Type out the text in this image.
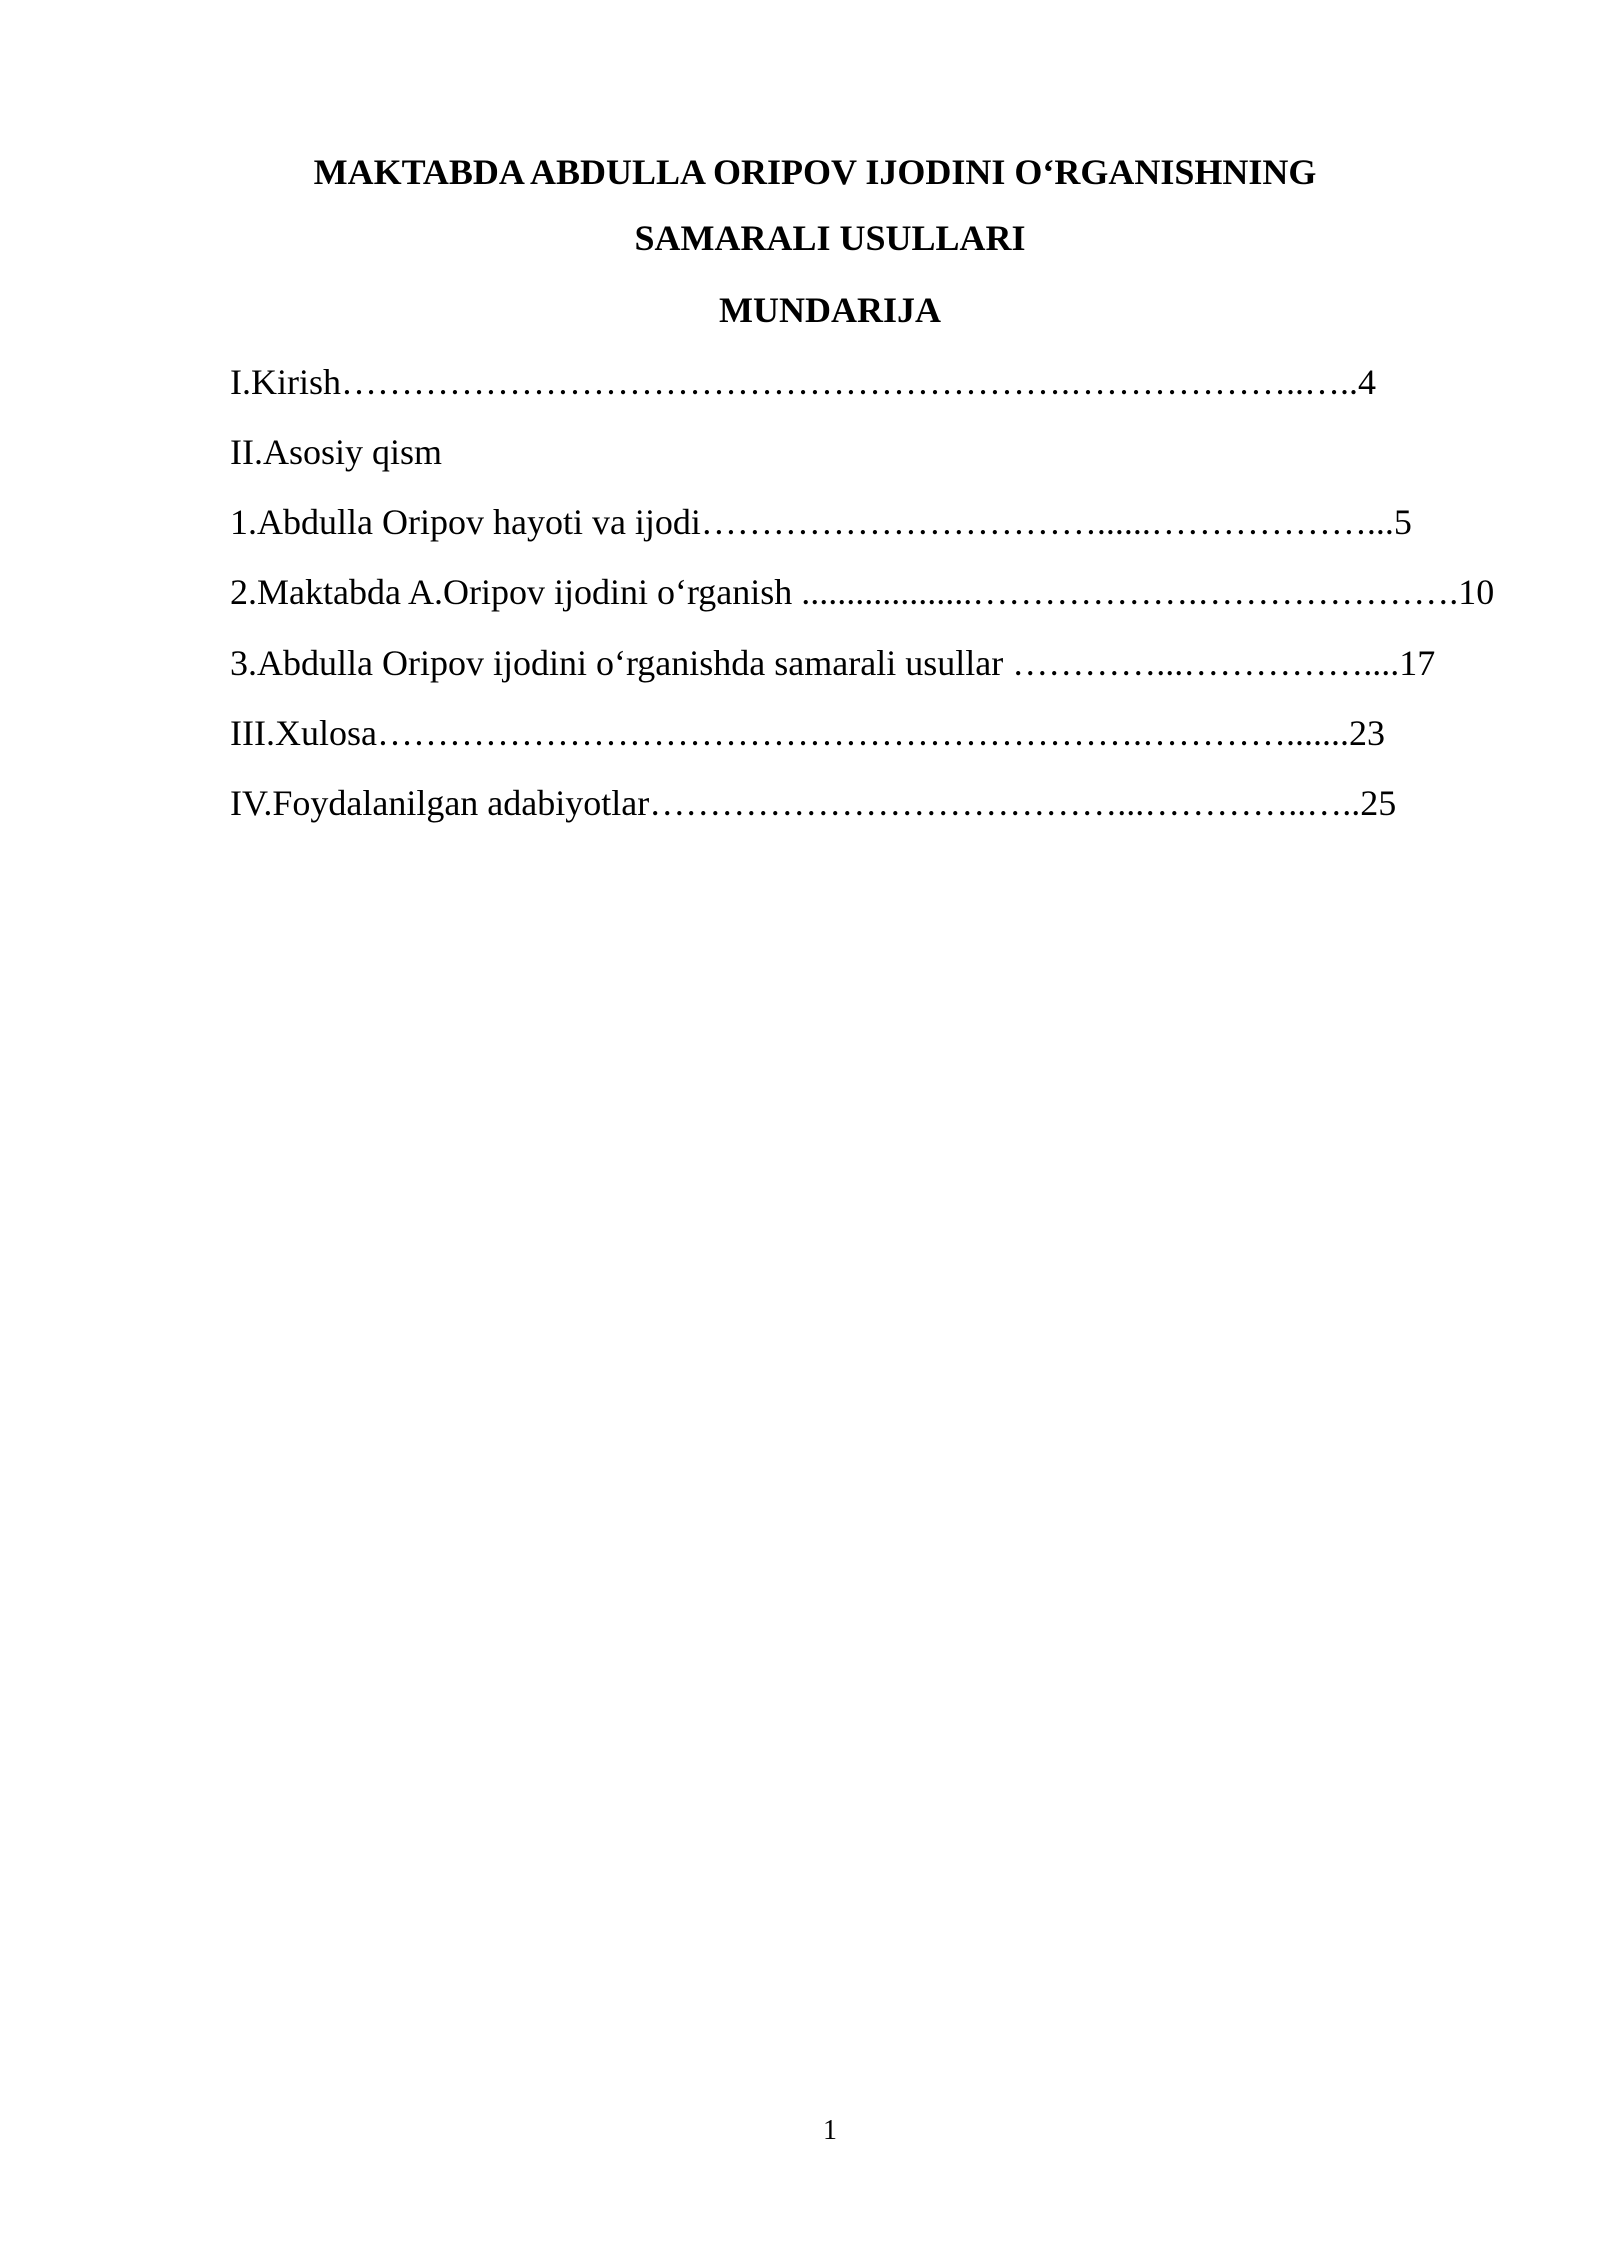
MAKTABDA ABDULLA ORIPOV IJODINI O‘RGANISHNING
SAMARALI USULLARI
MUNDARIJA
I.Kirish…………………………………………………….………………..…..4
II.Asosiy qism
1.Abdulla Oripov hayoti va ijodi……………………………......………………...5
2.Maktabda A.Oripov ijodini o‘rganish ...................……………….………………….10
3.Abdulla Oripov ijodini o‘rganishda samarali usullar …………...……………....17
III.Xulosa……………………………………………………….………….......23
IV.Foydalanilgan adabiyotlar…………………………………...…………..…..25
1
